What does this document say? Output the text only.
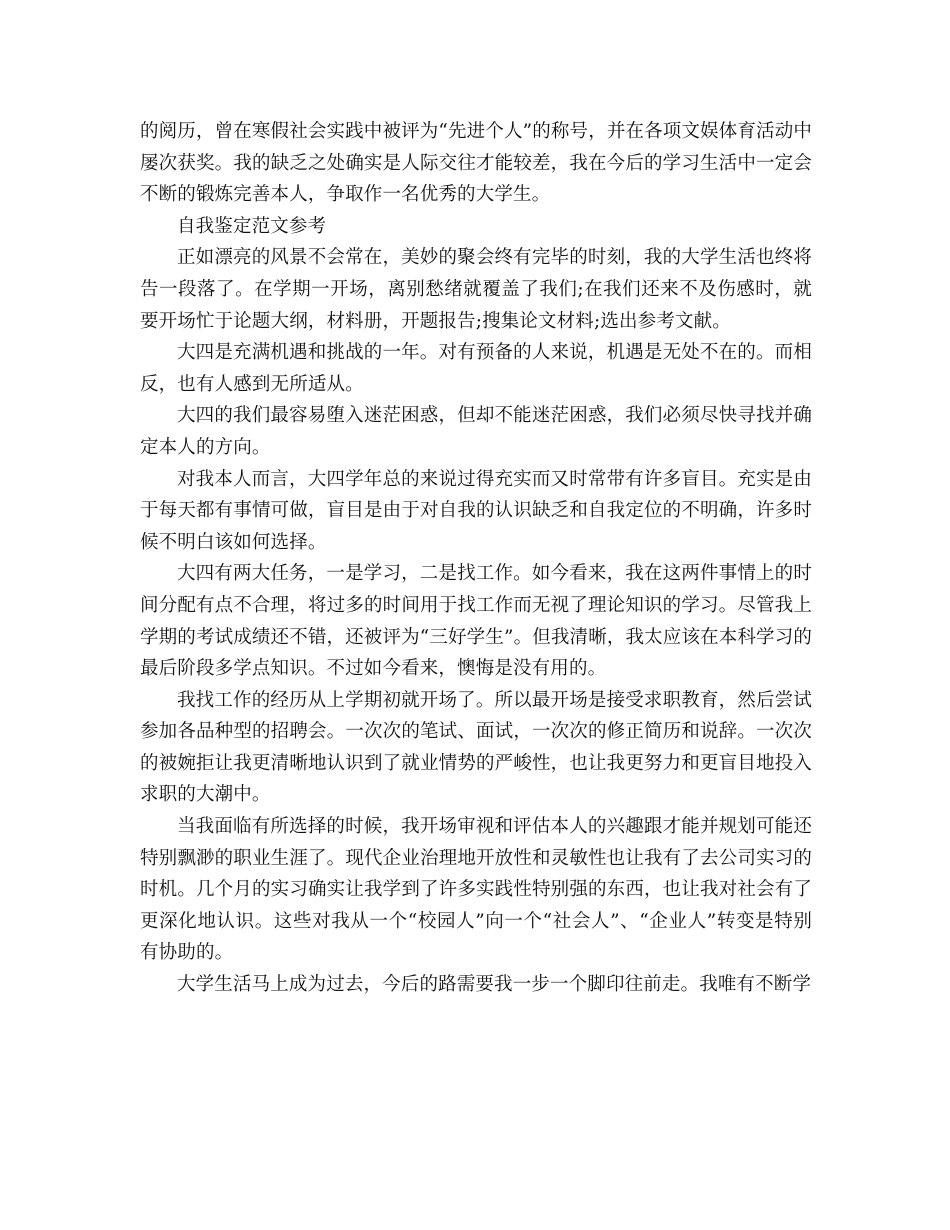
的阅历，曾在寒假社会实践中被评为“先进个人”的称号，并在各项文娱体育活动中屡次获奖。我的缺乏之处确实是人际交往才能较差，我在今后的学习生活中一定会不断的锻炼完善本人，争取作一名优秀的大学生。

自我鉴定范文参考

正如漂亮的风景不会常在，美妙的聚会终有完毕的时刻，我的大学生活也终将告一段落了。在学期一开场，离别愁绪就覆盖了我们;在我们还来不及伤感时，就要开场忙于论题大纲，材料册，开题报告;搜集论文材料;选出参考文献。

大四是充满机遇和挑战的一年。对有预备的人来说，机遇是无处不在的。而相反，也有人感到无所适从。

大四的我们最容易堕入迷茫困惑，但却不能迷茫困惑，我们必须尽快寻找并确定本人的方向。

对我本人而言，大四学年总的来说过得充实而又时常带有许多盲目。充实是由于每天都有事情可做，盲目是由于对自我的认识缺乏和自我定位的不明确，许多时候不明白该如何选择。

大四有两大任务，一是学习，二是找工作。如今看来，我在这两件事情上的时间分配有点不合理，将过多的时间用于找工作而无视了理论知识的学习。尽管我上学期的考试成绩还不错，还被评为“三好学生”。但我清晰，我太应该在本科学习的最后阶段多学点知识。不过如今看来，懊悔是没有用的。

我找工作的经历从上学期初就开场了。所以最开场是接受求职教育，然后尝试参加各品种型的招聘会。一次次的笔试、面试，一次次的修正简历和说辞。一次次的被婉拒让我更清晰地认识到了就业情势的严峻性，也让我更努力和更盲目地投入求职的大潮中。

当我面临有所选择的时候，我开场审视和评估本人的兴趣跟才能并规划可能还特别飘渺的职业生涯了。现代企业治理地开放性和灵敏性也让我有了去公司实习的时机。几个月的实习确实让我学到了许多实践性特别强的东西，也让我对社会有了更深化地认识。这些对我从一个“校园人”向一个“社会人”、“企业人”转变是特别有协助的。

大学生活马上成为过去，今后的路需要我一步一个脚印往前走。我唯有不断学
